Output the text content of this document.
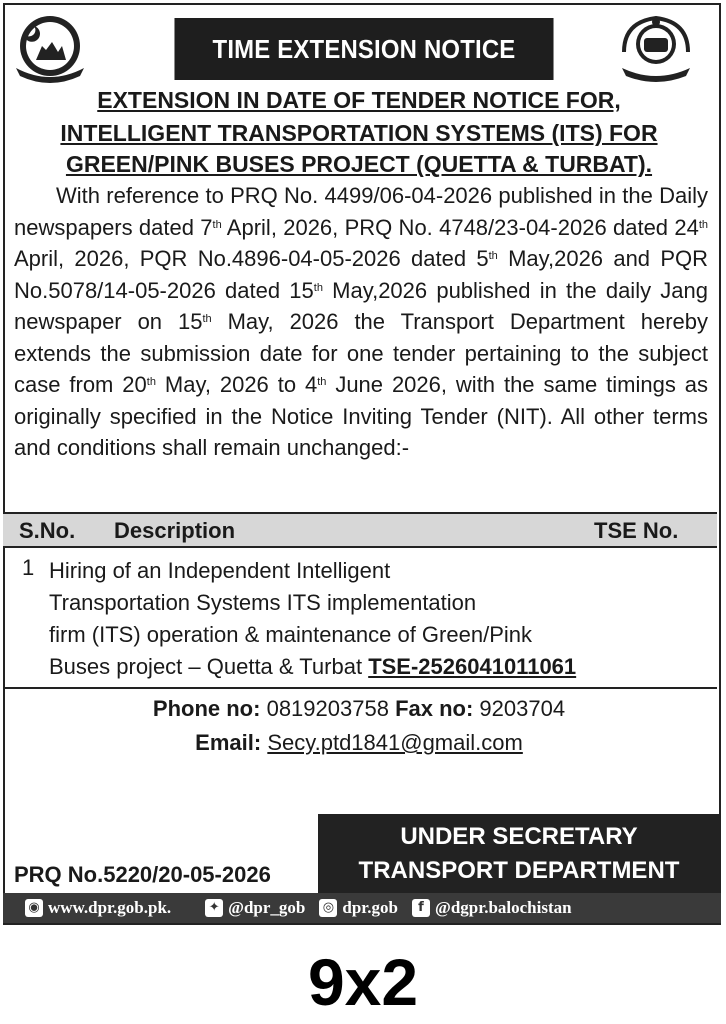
TIME EXTENSION NOTICE
EXTENSION IN DATE OF TENDER NOTICE FOR,
INTELLIGENT TRANSPORTATION SYSTEMS (ITS) FOR
GREEN/PINK BUSES PROJECT (QUETTA & TURBAT).
With reference to PRQ No. 4499/06-04-2026 published in the Daily newspapers dated 7th April, 2026, PRQ No. 4748/23-04-2026 dated 24th April, 2026, PQR No.4896-04-05-2026 dated 5th May,2026 and PQR No.5078/14-05-2026 dated 15th May,2026 published in the daily Jang newspaper on 15th May, 2026 the Transport Department hereby extends the submission date for one tender pertaining to the subject case from 20th May, 2026 to 4th June 2026, with the same timings as originally specified in the Notice Inviting Tender (NIT). All other terms and conditions shall remain unchanged:-
S.No. Description	TSE No.
1 Hiring of an Independent Intelligent
Transportation Systems ITS implementation
firm (ITS) operation & maintenance of Green/Pink
Buses project – Quetta & Turbat TSE-2526041011061
Phone no: 0819203758 Fax no: 9203704
Email: Secy.ptd1841@gmail.com
UNDER SECRETARY
TRANSPORT DEPARTMENT
PRQ No.5220/20-05-2026
◉ www.dpr.gob.pk.	✦ @dpr_gob ◎ dpr.gob	f @dgpr.balochistan
9x2
